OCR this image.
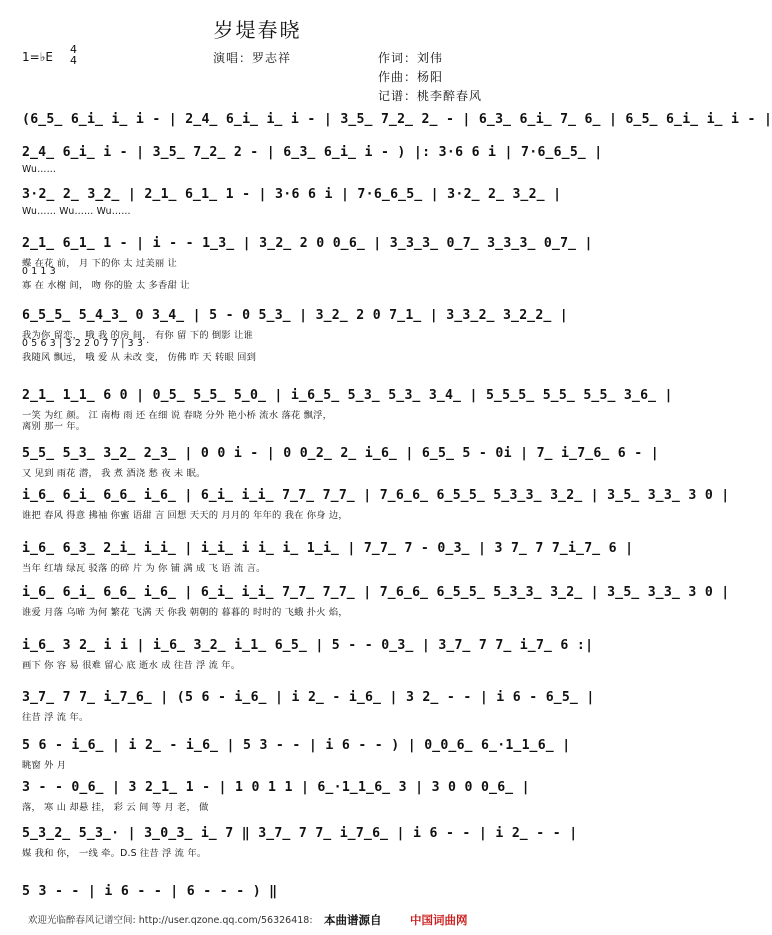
岁堤春晓
1=♭E
4
4	演唱：罗志祥	作词：刘伟
作曲：杨阳
记谱：桃李醉春风
(6̲5̲ 6̲i̲ i̲ i - | 2̲4̲ 6̲i̲ i̲ i - | 3̲5̲ 7̲2̲ 2̲ - | 6̲3̲ 6̲i̲ 7̲ 6̲ | 6̲5̲ 6̲i̲ i̲ i - |
2̲4̲ 6̲i̲ i - | 3̲5̲ 7̲2̲ 2 - | 6̲3̲ 6̲i̲ i - ) |: 3·6 6 i | 7·6̲6̲5̲ |
Wu……
3·2̲ 2̲ 3̲2̲ | 2̲1̲ 6̲1̲ 1 - | 3·6 6 i | 7·6̲6̲5̲ | 3·2̲ 2̲ 3̲2̲ |
Wu…… Wu…… Wu……
2̲1̲ 6̲1̲ 1 - | i - - 1̲3̲ | 3̲2̲ 2 0 0̲6̲ | 3̲3̲3̲ 0̲7̲ 3̲3̲3̲ 0̲7̲ |
蝶 在花 前， 月 下的你 太 过美丽 让
0 1 1 3
寡 在 水榭 间， 吻 你的脸 太 多香甜 让
6̲5̲5̲ 5̲4̲3̲ 0 3̲4̲ | 5 - 0 5̲3̲ | 3̲2̲ 2 0 7̲1̲ | 3̲3̲2̲ 3̲2̲2̲ |
我为你 留恋， 哦 我 的房 间， 有你 留 下的 倒影 让谁
0 5 6 3 | 3 2 2 0 7 7 | 3 3 ·
我随风 飘远， 哦 爱 从 未改 变， 仿佛 昨 天 转眼 回到
2̲1̲ 1̲1̲ 6 0 | 0̲5̲ 5̲5̲ 5̲0̲ | i̲6̲5̲ 5̲3̲ 5̲3̲ 3̲4̲ | 5̲5̲5̲ 5̲5̲ 5̲5̲ 3̲6̲ |
一笑 为红 颜。 江 南梅 雨 还 在细 说 春晓 分外 艳小桥 流水 落花 飘浮，
离别 那一 年。
5̲5̲ 5̲3̲ 3̲2̲ 2̲3̲ | 0 0 i - | 0 0̲2̲ 2̲ i̲6̲ | 6̲5̲ 5 - 0i | 7̲ i̲7̲6̲ 6 - |
又 见到 雨花 潜， 我 煮 酒浇 愁 夜 未 眠。
i̲6̲ 6̲i̲ 6̲6̲ i̲6̲ | 6̲i̲ i̲i̲ 7̲7̲ 7̲7̲ | 7̲6̲6̲ 6̲5̲5̲ 5̲3̲3̲ 3̲2̲ | 3̲5̲ 3̲3̲ 3 0 |
谁把 春风 得意 拂袖 你蜜 语甜 言 回想 天天的 月月的 年年的 我在 你身 边，
i̲6̲ 6̲3̲ 2̲i̲ i̲i̲ | i̲i̲ i i̲ i̲ 1̲i̲ | 7̲7̲ 7 - 0̲3̲ | 3 7̲ 7 7̲i̲7̲ 6 |
当年 红墙 绿瓦 驳落 的碎 片 为 你 铺 满 成 飞 语 流 言。
i̲6̲ 6̲i̲ 6̲6̲ i̲6̲ | 6̲i̲ i̲i̲ 7̲7̲ 7̲7̲ | 7̲6̲6̲ 6̲5̲5̲ 5̲3̲3̲ 3̲2̲ | 3̲5̲ 3̲3̲ 3 0 |
谁爱 月落 乌啼 为何 繁花 飞满 天 你我 朝朝的 暮暮的 时时的 飞蛾 扑火 焰，
i̲6̲ 3 2̲ i i | i̲6̲ 3̲2̲ i̲1̲ 6̲5̲ | 5 - - 0̲3̲ | 3̲7̲ 7 7̲ i̲7̲ 6 :|
画下 你 容 易 很难 留心 底 逝水 成 往昔 浮 流 年。
3̲7̲ 7 7̲ i̲7̲6̲ | (5 6 - i̲6̲ | i 2̲ - i̲6̲ | 3 2̲ - - | i 6 - 6̲5̲ |
往昔 浮 流 年。
5 6 - i̲6̲ | i 2̲ - i̲6̲ | 5 3 - - | i 6 - - ) | 0̲0̲6̲ 6̲·1̲1̲6̲ |
眺窗 外 月
3 - - 0̲6̲ | 3 2̲1̲ 1 - | 1 0 1 1 | 6̲·1̲1̲6̲ 3 | 3 0 0 0̲6̲ |
落， 寒 山 却悬 挂， 彩 云 间 等 月 老， 做
5̲3̲2̲ 5̲3̲· | 3̲0̲3̲ i̲ 7 ‖ 3̲7̲ 7 7̲ i̲7̲6̲ | i 6 - - | i 2̲ - - |
媒 我和 你， 一线 牵。D.S 往昔 浮 流 年。
5 3 - - | i 6 - - | 6 - - - ) ‖
欢迎光临醉春风记谱空间: http://user.qzone.qq.com/56326418: 本曲谱源自 中国词曲网
